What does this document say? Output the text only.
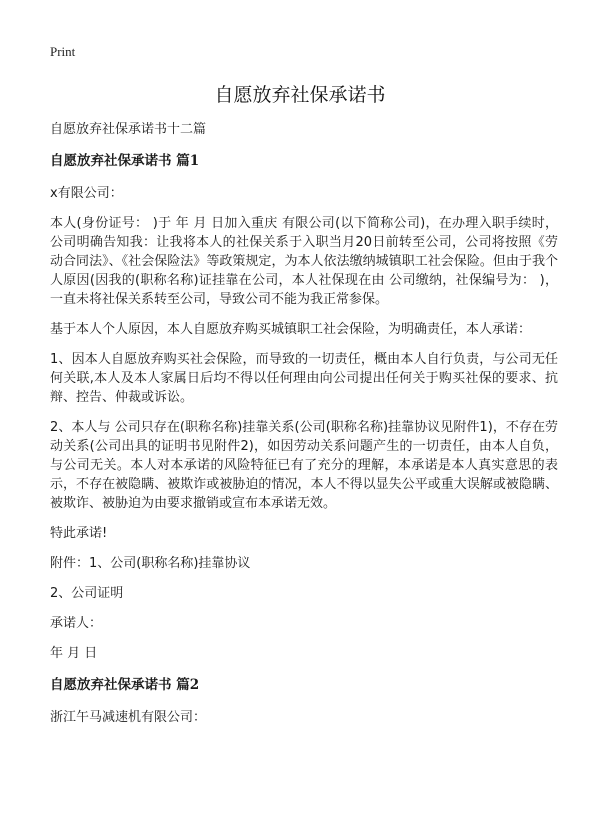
Print
自愿放弃社保承诺书

自愿放弃社保承诺书十二篇

自愿放弃社保承诺书 篇1

x有限公司：

本人(身份证号： )于 年 月 日加入重庆 有限公司(以下简称公司)，在办理入职手续时，公司明确告知我：让我将本人的社保关系于入职当月20日前转至公司，公司将按照《劳动合同法》、《社会保险法》等政策规定，为本人依法缴纳城镇职工社会保险。但由于我个人原因(因我的(职称名称)证挂靠在公司，本人社保现在由 公司缴纳，社保编号为： )，一直未将社保关系转至公司，导致公司不能为我正常参保。

基于本人个人原因，本人自愿放弃购买城镇职工社会保险，为明确责任，本人承诺：

1、因本人自愿放弃购买社会保险，而导致的一切责任，概由本人自行负责，与公司无任何关联,本人及本人家属日后均不得以任何理由向公司提出任何关于购买社保的要求、抗辩、控告、仲裁或诉讼。

2、本人与 公司只存在(职称名称)挂靠关系(公司(职称名称)挂靠协议见附件1)，不存在劳动关系(公司出具的证明书见附件2)，如因劳动关系问题产生的一切责任，由本人自负，与公司无关。本人对本承诺的风险特征已有了充分的理解，本承诺是本人真实意思的表示，不存在被隐瞒、被欺诈或被胁迫的情况，本人不得以显失公平或重大误解或被隐瞒、被欺诈、被胁迫为由要求撤销或宣布本承诺无效。

特此承诺!

附件：1、公司(职称名称)挂靠协议

2、公司证明

承诺人：

年 月 日

自愿放弃社保承诺书 篇2

浙江午马减速机有限公司：
